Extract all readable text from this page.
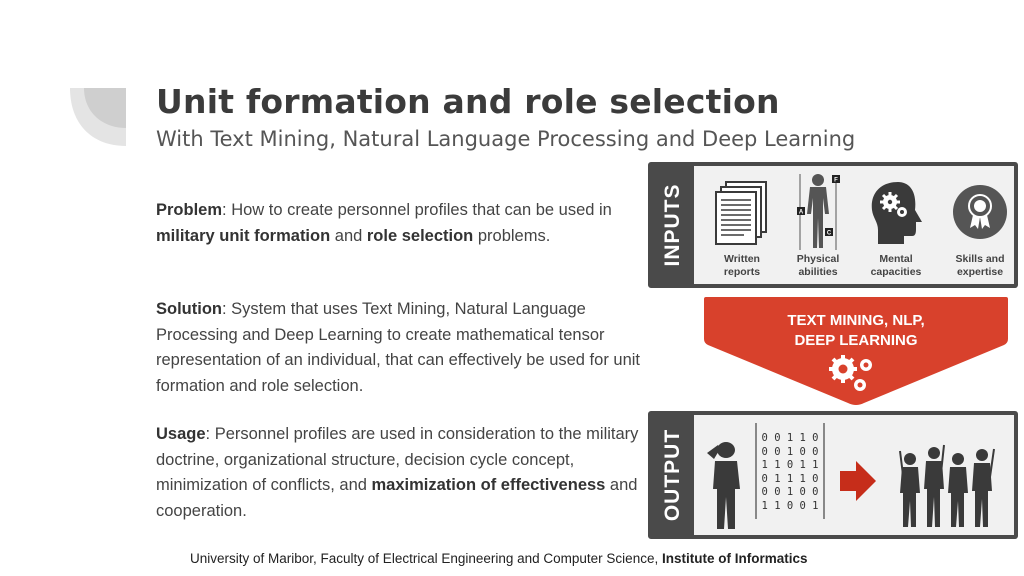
Unit formation and role selection
With Text Mining, Natural Language Processing and Deep Learning
Problem: How to create personnel profiles that can be used in military unit formation and role selection problems.
Solution: System that uses Text Mining, Natural Language Processing and Deep Learning to create mathematical tensor representation of an individual, that can effectively be used for unit formation and role selection.
Usage: Personnel profiles are used in consideration to the military doctrine, organizational structure, decision cycle concept, minimization of conflicts, and maximization of effectiveness and cooperation.
INPUTS	Written
reports
F
A
C
Physical
abilities
Mental
capacities
Skills and
expertise
TEXT MINING, NLP,
DEEP LEARNING
OUTPUT	0 0 1 1 0
0 0 1 0 0
1 1 0 1 1
0 1 1 1 0
0 0 1 0 0
1 1 0 0 1
University of Maribor, Faculty of Electrical Engineering and Computer Science, Institute of Informatics
